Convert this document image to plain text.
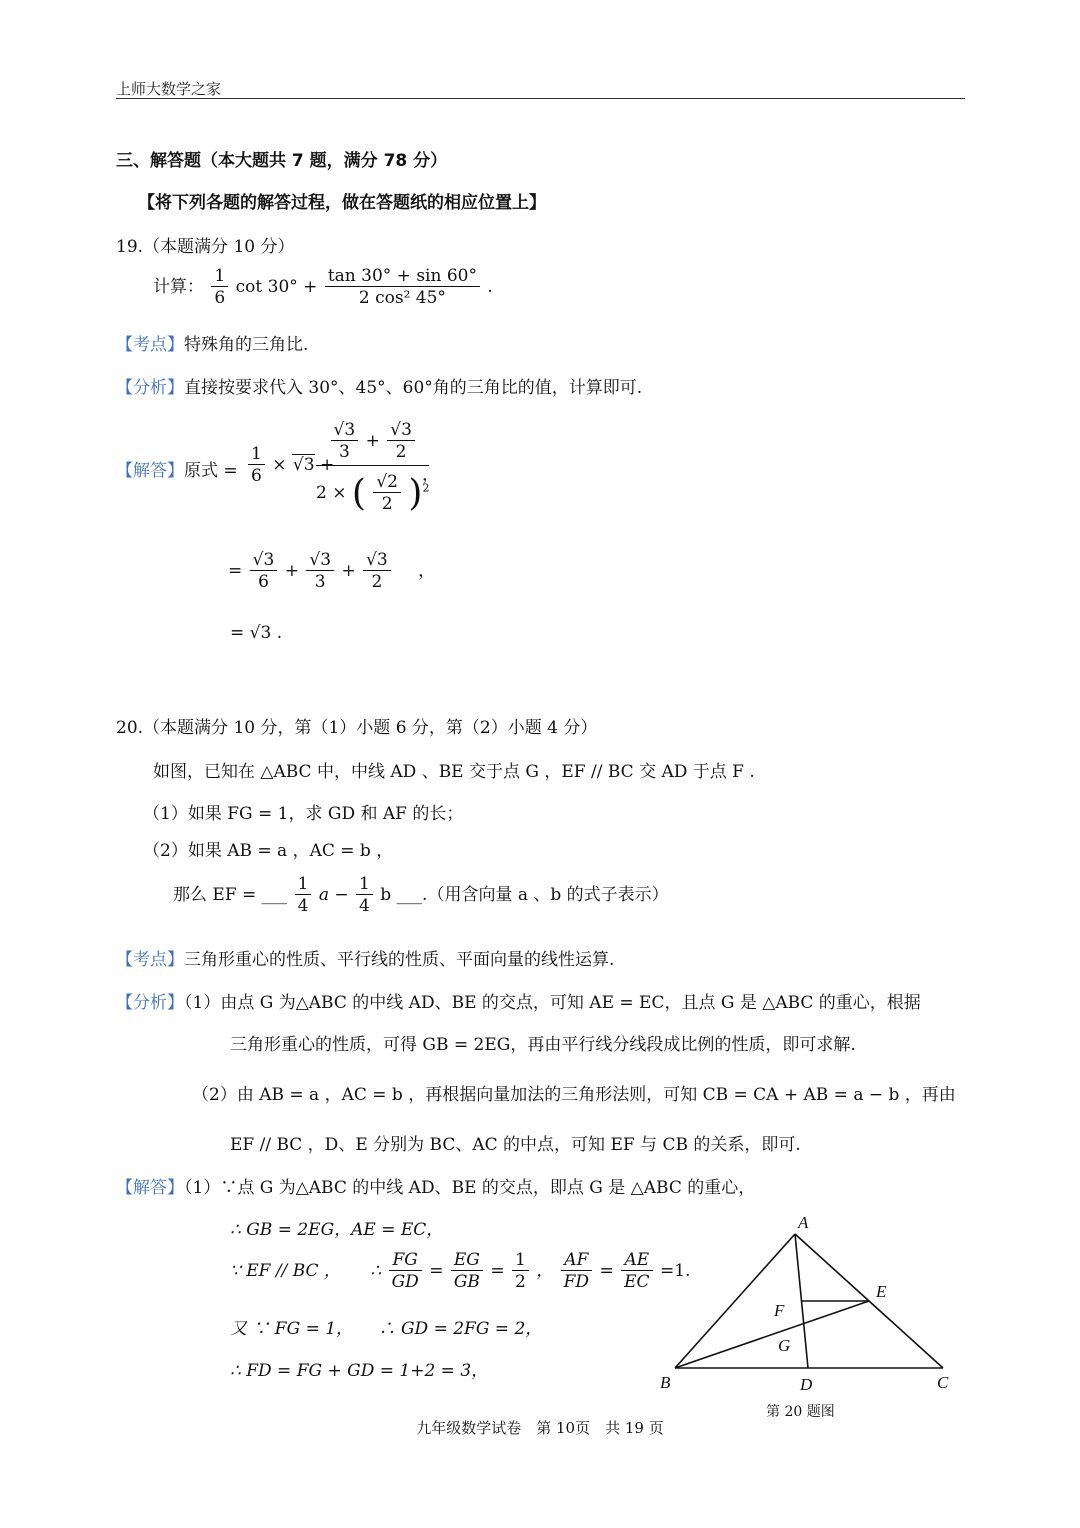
上师大数学之家
三、解答题（本大题共 7 题，满分 78 分）
【将下列各题的解答过程，做在答题纸的相应位置上】
19.（本题满分 10 分）
计算： $\frac{1}{6}$ $\cot 30^\circ + \frac{\tan 30^\circ + \sin 60^\circ}{\text{2 cos² 45°}}$ .
【考点】特殊角的三角比.
【分析】直接按要求代入 30°、45°、60°角的三角比的值，计算即可.
【解答】原式 = $\frac{1}{6} \times √3$ +
$\frac{√3}{3} + \frac{√3}{2}$
2 × ( $\frac{√2}{2} )^2$
，
= $\frac{√3}{6} + \frac{√3}{3} + \frac{√3}{2}$ ，
= √3 .
20.（本题满分 10 分，第（1）小题 6 分，第（2）小题 4 分）
如图，已知在 △ABC 中，中线 AD 、BE 交于点 G ，EF // BC 交 AD 于点 F .
（1）如果 FG = 1，求 GD 和 AF 的长；
（2）如果 AB = a ，AC = b ，
那么 EF = ___ $\frac{1}{4}$ $a - \frac{1}{4}$ b ___.（用含向量 a 、b 的式子表示）
【考点】三角形重心的性质、平行线的性质、平面向量的线性运算.
【分析】（1）由点 G 为△ABC 的中线 AD、BE 的交点，可知 AE = EC，且点 G 是 △ABC 的重心，根据
三角形重心的性质，可得 GB = 2EG，再由平行线分线段成比例的性质，即可求解.
（2）由 AB = a ，AC = b ，再根据向量加法的三角形法则，可知 CB = CA + AB = a − b ，再由
EF // BC ，D、E 分别为 BC、AC 的中点，可知 EF 与 CB 的关系，即可.
【解答】（1）∵点 G 为△ABC 的中线 AD、BE 的交点，即点 G 是 △ABC 的重心，
∴ GB = 2EG，AE = EC，
∵ EF // BC ， ∴ $\frac{FG}{GD} = \frac{EG}{GB} = \frac{1}{2}$ ， $\frac{AF}{FD} = \frac{AE}{EC} =1$.
又 ∵ FG = 1，　　∴ GD = 2FG = 2，
∴ FD = FG + GD = 1+2 = 3，
A
B	C
D
E
F
G
第 20 题图
九年级数学试卷　第 10页　共 19 页
